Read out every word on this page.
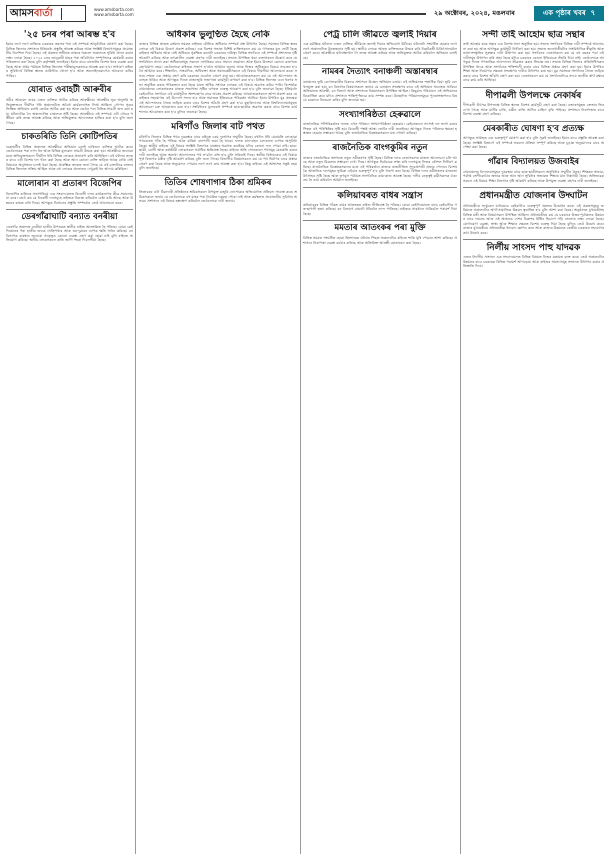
আমসবার্তা	www.amsbarta.com
www.amsbarta.com	২৯ অক্টোবৰ, ২০২৪, মঙলবাৰ	এক পৃষ্ঠাৰ খবৰ ৭
'২৫ চনৰ পৰা আৰম্ভ হ'ব

ইয়াৰ লগে লগে ৰাজ্যিক চৰকাৰৰ তৰফৰ পৰা এই সম্পৰ্কে আনুষ্ঠানিক ঘোষণা কৰা হৈছে। বিভিন্ন জিলাৰ প্ৰশাসনে ইতিমধ্যে প্ৰস্তুতি আৰম্ভ কৰিছে আৰু সংশ্লিষ্ট বিভাগসমূহক প্ৰয়োজনীয় নিৰ্দেশনা দিয়া হৈছে। এই প্ৰকল্পৰ অধীনত ৰাজ্যৰ সকলো অঞ্চলতে সুবিধা প্ৰদান কৰাৰ লক্ষ্য লোৱা হৈছে। ২০২৫ চনৰ জানুৱাৰী মাহৰ পৰা আঁচনিখন সম্পূৰ্ণভাৱে কাৰ্যকৰী কৰাৰ পৰিকল্পনা কৰা হৈছে বুলি কৰ্তৃপক্ষই জনাইছে। ইয়াৰ বাবে বাজেটত বিশেষ ধনৰ ব্যৱস্থা কৰা হৈছে আৰু প্ৰথম পৰ্যায়ত বিভিন্ন জিলাত পৰীক্ষামূলকভাৱে আৰম্ভ কৰা হ'ব। সাধাৰণ ৰাইজৰ সুবিধাৰ্থে বিভিন্ন স্থানত কাউণ্টাৰ খোলা হ'ব আৰু অনলাইনযোগেও আবেদন কৰিব পাৰিব।

যোৰাত ওবাহটী আৰুবীৰ

সমীৰ আহমেদ নামৰ এজন ব্যক্তিক আটক কৰিছে আৰক্ষীয়ে। আৰক্ষীৰ সূত্ৰ অনুসৰি অভিযুক্তজনে দীৰ্ঘদিন ধৰি অঞ্চলটোত অবৈধ কাৰ্যকলাপত লিপ্ত আছিল। গোপন সূত্ৰৰ ভিত্তিত অভিযান চলাই তেওঁক আটক কৰা হয় আৰু তেওঁৰ পৰা বিভিন্ন সামগ্ৰী জব্দ কৰা হয়। ঘটনাটোক লৈ অঞ্চলটোত চাঞ্চল্যৰ সৃষ্টি হৈছে। আৰক্ষীয়ে এই সম্পৰ্কে এটা গোচৰ পঞ্জীয়ন কৰি তদন্ত আৰম্ভ কৰিছে আৰু অভিযুক্তক আদালতত হাজিৰ কৰা হ'ব বুলি জনা গৈছে।

চাকতৰিতি তিনি কোটিপতিৰ

গুৱাহাটীৰ বিভিন্ন অঞ্চলত আৰক্ষীয়ে অভিযান চলাই চাৰিজন ব্যক্তিক আটক কৰে। তেওঁলোকৰ পৰা নগদ ধন আৰু বিভিন্ন মূল্যৱান সামগ্ৰী উদ্ধাৰ কৰা হয়। আৰক্ষীয়ে জনোৱা মতে অভিযুক্তসকলে দীৰ্ঘদিন ধৰি বিভিন্ন লোকক প্ৰতাৰণা কৰি আহিছিল। এই ঘটনাৰ তদন্তৰ বাবে এটা বিশেষ দল গঠন কৰা হৈছে আৰু আন কোনো ব্যক্তি জড়িত আছে নেকি সেই বিষয়েও অনুসন্ধান চলাই থকা হৈছে। প্ৰাৰম্ভিক তদন্তত জনা গৈছে যে এই চক্ৰটোৱে ৰাজ্যৰ বিভিন্ন জিলাত সক্ৰিয় আছিল আৰু বহু লোকক প্ৰলোভন দেখুৱাই ধন আদায় কৰিছিল।

মালোৰান বা প্ৰতাৰণ বিজেপিৰ

বিজেপিৰ ৰাজ্যিক সভাপতিয়ে এক সংবাদমেলত বিৰোধী দলৰ কাৰ্যকলাপৰ তীব্ৰ সমালোচনা কৰে। তেওঁ কয় যে বিৰোধী দলসমূহে ৰাইজক বিভ্ৰান্ত কৰিবলৈ চেষ্টা কৰি আছে আৰু উন্নয়নৰ কামত বাধা দিছে। আগন্তুক নিৰ্বাচনৰ প্ৰস্তুতি সম্পৰ্কেও তেওঁ আলোচনা কৰে।

ডেৰগাঁৱাঘাটি বন্যাত বনৰীয়া

ডেৰগাঁৱ অঞ্চলত বনৰীয়া হাতীৰ উপদ্ৰৱত স্থানীয় ৰাইজ আতংকিত হৈ পৰিছে। যোৱা কেইদিনমানৰ পৰা হাতীৰ জাকে খেতিপথাৰ আৰু ঘৰ-দুৱাৰৰ ব্যাপক ক্ষতি সাধন কৰিছে। বন বিভাগক বাৰম্বাৰ জনোৱা সত্ত্বেও কোনো ব্যৱস্থা গ্ৰহণ কৰা হোৱা নাই বুলি ৰাইজে অভিযোগ কৰিছে। স্থানীয় লোকসকলে ৰাতি জাগি পহৰা দিবলগীয়া হৈছে।

অধিকাৰ ভুলুণ্ঠিত হৈছে নেকি

ৰাজ্যৰ বিভিন্ন প্ৰান্তত বৰ্তমান সময়ত ৰাইজৰ মৌলিক অধিকাৰ সম্পৰ্কে প্ৰশ্ন উত্থাপন হৈছে। সমাজৰ বিভিন্ন স্তৰৰ লোকে এই বিষয়ে উদ্বেগ প্ৰকাশ কৰিছে। এক বিশেষ সভাত বিশিষ্ট ব্যক্তিসকলে কয় যে গণতন্ত্ৰৰ মূল ভেটি হৈছে ৰাইজৰ অধিকাৰ আৰু সেই অধিকাৰ সুৰক্ষিত কৰাটো চৰকাৰৰ দায়িত্ব। বিভিন্ন সংগঠনে এই সম্পৰ্কে প্ৰশাসনৰ দৃষ্টি আকৰ্ষণ কৰিছে আৰু তৎকালীন ব্যৱস্থা গ্ৰহণৰ দাবী জনাইছে। সভাত উপস্থিত থকা বক্তাসকলে উল্লেখ কৰে যে সংবিধানে প্ৰদান কৰা অধিকাৰসমূহ সকলো নাগৰিকৰ বাবে সমানে প্ৰযোজ্য আৰু ইয়াৰ উলংঘা কোনো কাৰণতে গ্ৰহণযোগ্য নহয়। তেওঁলোকে ৰাইজক সজাগ হ'বলৈ আহ্বান জনায় আৰু নিজৰ অধিকাৰৰ বিষয়ে সচেতন হ'বলৈ আহ্বান কৰে। শিক্ষাবিদ, সাংবাদিক, অধিবক্তা আৰু সমাজকৰ্মীসকলে এই বিষয়ে দীঘলীয়া আলোচনা কৰে। সভাৰ শেষত এক প্ৰস্তাৱ গ্ৰহণ কৰি চৰকাৰৰ ওচৰলৈ প্ৰেৰণ কৰা হয়। আয়োজকসকলে কয় যে এই আন্দোলন অব্যাহত থাকিব আৰু আগন্তুক দিনত ৰাজ্যজুৰি সজাগতা কাৰ্যসূচী ৰূপায়ণ কৰা হ'ব। বিভিন্ন জিলাত এনে ধৰণৰ সভা অনুষ্ঠিত কৰাৰ পৰিকল্পনা কৰা হৈছে যাতে অধিক সংখ্যক লোকক এই বিষয়ে অৱগত কৰিব পাৰি। বিশেষকৈ গ্ৰাম্যাঞ্চলৰ লোকসকলৰ মাজত সজাগতা সৃষ্টিৰ ওপৰত গুৰুত্ব আৰোপ কৰা হ'ব বুলি জনোৱা হৈছে। ইতিমধ্যে কেইবাটাও সংগঠনে এই কাৰ্যসূচীত অংশগ্ৰহণৰ বাবে আগ্ৰহ প্ৰকাশ কৰিছে। আয়োজকসকলে আশা প্ৰকাশ কৰে যে ৰাইজৰ সহযোগত এই উদ্যোগ সফল হ'ব আৰু সমাজত ইতিবাচক পৰিৱৰ্তন আনিব। ইয়াৰ উপৰিও যুৱ প্ৰজন্মক এই আন্দোলনৰ সৈতে জড়িত কৰাৰ বাবে বিশেষ আঁচনি গ্ৰহণ কৰা হ'ব। মহাবিদ্যালয় আৰু বিশ্ববিদ্যালয়সমূহত আলোচনা চক্ৰ আয়োজন কৰা হ'ব। সংবিধানৰ মূল্যবোধ সম্পৰ্কে ছাত্ৰ-ছাত্ৰীক অৱগত কৰাৰ বাবে বিশেষ কাৰ্যশালাৰ আয়োজন কৰা হ'ব বুলিও জনোৱা হৈছে।

মৰিগাঁও জিলাৰ বাট পথত

মৰিগাঁও জিলাৰ বিভিন্ন পথৰ দুৰৱস্থাৰ বাবে ৰাইজে চৰম দুৰ্ভোগৰ সন্মুখীন হৈছে। বহুদিন ধৰি মেৰামতি নোহোৱা পথবোৰত গাঁত হৈ পৰিছে আৰু বাৰিষা বানপানী জমা হৈ থাকে। ফলত যান-বাহন চলাচলত ব্যাপক অসুবিধা হৈছে। স্থানীয় ৰাইজে এই বিষয়ে সংশ্লিষ্ট বিভাগক বাৰম্বাৰ অৱগত কৰাইছে যদিও কোনো ফল পোৱা নাই। ছাত্ৰ-ছাত্ৰী, ৰোগী আৰু কৰ্মজীৱী লোকসকল সৰ্বাধিক ক্ষতিগ্ৰস্ত হৈছে। ৰাইজে অতি সোনকালে পথসমূহ মেৰামতি কৰাৰ দাবী জনাইছে আৰু অন্যথা আন্দোলনৰ পথ ল'বলৈ বাধ্য হ'ব বুলি সকিয়াই দিছে। স্থানীয় বিধায়কেও এই বিষয়ে পূৰ্ত বিভাগৰ মন্ত্ৰীৰ দৃষ্টি আকৰ্ষণ কৰিছে বুলি জনা গৈছে। বিভাগীয় বিষয়াসকলে কয় যে পথ নিৰ্মাণৰ বাবে প্ৰস্তাৱ প্ৰেৰণ কৰা হৈছে আৰু অনুমোদন পোৱাৰ লগে লগে কাম আৰম্ভ কৰা হ'ব। কিন্তু ৰাইজে এই আশ্বাসত সন্তুষ্ট নহয় বুলি জনাইছে।

তিতিৰ শোষণাগাৰ ঠিকা শ্ৰমিকৰ

তিতাবৰৰ এটা ঠিকাদাৰী প্ৰতিষ্ঠানৰ শ্ৰমিকসকলে উপযুক্ত মজুৰি নোপোৱাৰ অভিযোগত প্ৰতিবাদ সাব্যস্ত কৰে। শ্ৰমিকসকলে জনায় যে তেওঁলোকে বহু মাহৰ পৰা নিয়মিত দৰমহা পোৱা নাই আৰু কৰ্মস্থলত প্ৰয়োজনীয় সুবিধাৰ অভাৱ। প্ৰশাসনে এই বিষয়ে হস্তক্ষেপ কৰিবলৈ তেওঁলোকে দাবী জনায়।

পেট্ৰ চালি জীৱতে জ্বলাই দিয়াৰ

এক মৰ্মান্তিক ঘটনাত এজন ব্যক্তিক জীৱিতে জ্বলাই দিয়াৰ অভিযোগ উঠিছে। ঘটনাটো সংঘটিত হোৱাৰ লগে লগে অঞ্চলটোত উত্তেজনাৰ সৃষ্টি হয়। স্থানীয় লোকে আহত ব্যক্তিজনক উদ্ধাৰ কৰি নিকটৱৰ্তী চিকিৎসালয়লৈ প্ৰেৰণ কৰে। আৰক্ষীয়ে ঘটনাস্থললৈ গৈ তদন্ত আৰম্ভ কৰিছে আৰু অভিযুক্তক আটক কৰিবলৈ অভিযান চলাইছে।

নামৰৰ দৈত্যাৎ বনাঞ্চলী অস্তাৰম্বাৰ

বনাঞ্চলৰ ভূমি বেদখলকাৰীৰ বিৰুদ্ধে প্ৰশাসনে উচ্ছেদ অভিযান চলায়। এই অভিযানত শতাধিক বিঘা ভূমি বেদখলমুক্ত কৰা হয়। বন বিভাগৰ বিষয়াসকলে জনায় যে বনাঞ্চল সংৰক্ষণৰ বাবে এই অভিযান অব্যাহত থাকিব। অভিযানত আৰক্ষী, বন বিভাগ আৰু প্ৰশাসনৰ বিষয়াসকল উপস্থিত আছিল। কিছুমান পৰিয়ালে এই অভিযানৰ বিৰোধিতা কৰে যদিও প্ৰশাসনে শান্তিপূৰ্ণভাৱে কাম সম্পন্ন কৰে। উচ্ছেদিত পৰিয়ালসমূহক পুনৰসংস্থাপনৰ বিষয়ে চৰকাৰে বিবেচনা কৰিব বুলি জনোৱা হয়।

সংখ্যাগৰিষ্ঠতা হেৰুৱালে

ৰাজনৈতিক পটপৰিৱৰ্তনৰ ফলত এখন পৰিষদে সংখ্যাগৰিষ্ঠতা হেৰুৱায়। কেইবাজনো সদস্যই দল ত্যাগ কৰাৰ পিছত এই পৰিস্থিতিৰ সৃষ্টি হয়। বিৰোধী পক্ষই আস্থা ভোটৰ দাবী জনাইছে। আগন্তুক দিনত পৰিষদৰ ক্ষমতা হস্তান্তৰ হোৱাৰ সম্ভাৱনা আছে বুলি ৰাজনৈতিক বিশ্লেষকসকলে মত পোষণ কৰিছে।

ৰাজনৈতিক বাংগকুমিৰ নতুন

ৰাজ্যৰ ৰাজনৈতিক অংগনত নতুন সমীকৰণৰ সৃষ্টি হৈছে। বিভিন্ন দলৰ নেতাসকলৰ মাজত আলোচনা চলি আছে আৰু নতুন মিত্ৰতাৰ সম্ভাৱনা দেখা দিছে। আগন্তুক নিৰ্বাচনক লক্ষ্য কৰি দলসমূহে নিজৰ কৌশল নিৰ্ধাৰণ কৰিছে। ৰাজনৈতিক বিশ্লেষকসকলৰ মতে এই পৰিৱৰ্তনে ৰাজ্যৰ ৰাজনীতিত সুদূৰপ্ৰসাৰী প্ৰভাৱ পেলাব। বিশেষকৈ আঞ্চলিক দলসমূহৰ ভূমিকা এইবাৰ গুৰুত্বপূৰ্ণ হ'ব বুলি ধাৰণা কৰা হৈছে। বিভিন্ন দলৰ কৰ্মীসকলৰ মাজতো উৎসাহৰ সৃষ্টি হৈছে আৰু তৃণমূল পৰ্যায়ত সাংগঠনিক কাম-কাজ আৰম্ভ হৈছে। দলীয় নেতৃত্বই কৰ্মীসকলক ঐক্যবদ্ধ হৈ কাম কৰিবলৈ আহ্বান জনাইছে।

কলিয়াবৰত বাধৰ সন্ত্ৰাস

কলিয়াবৰৰ বিভিন্ন গাঁৱত বাঘৰ আতংকত ৰাইজ ভীতিগ্ৰস্ত হৈ পৰিছে। যোৱা কেইদিনমানত বাঘে কেইবাটাও গৰু-ছাগলী হত্যা কৰিছে। বন বিভাগে বাঘটো ধৰিবলৈ ফান্দ পাতিছে। ৰাইজক সাৱধানে থাকিবলৈ পৰামৰ্শ দিয়া হৈছে।

মমতাৰ আতংকৰ পৰা মুক্তি

বিভিন্ন সময়ত সংঘটিত হোৱা হিংসাত্মক ঘটনাৰ পিছত অঞ্চলটোৰ ৰাইজে শান্তি ঘূৰি পোৱাৰ আশা কৰিছে। প্ৰশাসনে নিৰাপত্তা ব্যৱস্থা কঠোৰ কৰিছে আৰু অতিৰিক্ত আৰক্ষী মোতায়েন কৰা হৈছে।

সন্দী তাই আহোম ছাত্ৰ সন্থাৰ

তাই আহোম ছাত্ৰ সন্থাৰ এক বিশেষ সভা অনুষ্ঠিত হয়। সভাত সংগঠনৰ বিভিন্ন দাবী সম্পৰ্কে আলোচনা কৰা হয় আৰু আগন্তুক কাৰ্যসূচী নিৰ্ধাৰণ কৰা হয়। সভাত জনগোষ্ঠীটোৰ সাংবিধানিক স্বীকৃতি আৰু ভাষা-সংস্কৃতিৰ সুৰক্ষাৰ দাবী উত্থাপন কৰা হয়। সংগঠনৰ নেতাসকলে কয় যে বহু বছৰৰ পৰা এই দাবীসমূহ উত্থাপন কৰি অহা হৈছে যদিও চৰকাৰে কোনো ইতিবাচক সঁহাৰি দিয়া নাই। তেওঁলোকে আগন্তুক দিনত গণতান্ত্ৰিক আন্দোলন তীব্ৰতৰ কৰাৰ সিদ্ধান্ত লয়। সভাত বিভিন্ন জিলাৰ প্ৰতিনিধিসকল উপস্থিত থাকে আৰু সংগঠনক শক্তিশালী কৰাৰ বাবে বিভিন্ন প্ৰস্তাৱ গ্ৰহণ কৰা হয়। ইয়াৰ উপৰিও শিক্ষা আৰু নিয়োগৰ ক্ষেত্ৰত সংৰক্ষণৰ দাবীও উত্থাপন কৰা হয়। যুৱ সমাজক সংগঠনৰ সৈতে জড়িত কৰাৰ বাবে বিশেষ আঁচনি গ্ৰহণ কৰা হয়। নেতাসকলে কয় যে সংগঠনটোৱে সদায় জাতীয় স্বাৰ্থ ৰক্ষাৰ বাবে কাম কৰি আহিছে।

দীপাৱলী উপলক্ষে নেকাৰ্ষৰ

দীপাৱলী উৎসৱ উপলক্ষে বিভিন্ন স্থানত বিশেষ কাৰ্যসূচী গ্ৰহণ কৰা হৈছে। বজাৰসমূহত ক্ৰেতাৰ ভিৰ দেখা গৈছে আৰু মাটিৰ চাকি, ৰঙীন বাতি আদিৰ চাহিদা বৃদ্ধি পাইছে। প্ৰশাসনে নিৰাপত্তাৰ বাবে বিশেষ ব্যৱস্থা গ্ৰহণ কৰিছে।

মেৰকাৰীত ঘোষণা হ'ব প্ৰত্যক্ষ

আগন্তুক সপ্তাহত এক গুৰুত্বপূৰ্ণ ঘোষণা কৰা হ'ব বুলি সূত্ৰই জনাইছে। ইয়াৰ বাবে প্ৰস্তুতি আৰম্ভ কৰা হৈছে। সংশ্লিষ্ট বিভাগে এই সম্পৰ্কে সকলো প্ৰক্ৰিয়া সম্পূৰ্ণ কৰিছে আৰু চূড়ান্ত অনুমোদনৰ বাবে অপেক্ষা কৰা হৈছে।

গাঁৱাৰ বিদ্যালয়ত উজবাইৰ

গ্ৰাম্যাঞ্চলৰ বিদ্যালয়সমূহৰ দুৰৱস্থাৰ বাবে ছাত্ৰ-ছাত্ৰীসকলে অসুবিধাৰ সন্মুখীন হৈছে। শিক্ষকৰ অভাৱ, পৰ্যাপ্ত শ্ৰেণীকোঠাৰ অভাৱ আৰু আন আন সুবিধাৰ অভাৱত শিক্ষাৰ মান নিম্নগামী হৈছে। অভিভাৱকসকলে এই বিষয়ে শিক্ষা বিভাগৰ দৃষ্টি আকৰ্ষণ কৰিছে আৰু উপযুক্ত ব্যৱস্থা গ্ৰহণৰ দাবী জনাইছে।

প্ৰধানমন্ত্ৰীত যোজনাৰ উদ্ঘাটন

প্ৰধানমন্ত্ৰীয়ে ভাৰ্চুৱেল মাধ্যমেৰে কেইবাটাও গুৰুত্বপূৰ্ণ প্ৰকল্পৰ উদ্বোধন কৰে। এই প্ৰকল্পসমূহৰ জৰিয়তে অঞ্চলটোৰ আৰ্থ-সামাজিক উন্নয়ন ত্বৰান্বিত হ'ব বুলি আশা কৰা হৈছে। অনুষ্ঠানত মুখ্যমন্ত্ৰীসহ বিভিন্ন মন্ত্ৰী আৰু বিষয়াসকল উপস্থিত আছিল। প্ৰধানমন্ত্ৰীয়ে কয় যে চৰকাৰে উত্তৰ-পূৰ্বাঞ্চলৰ উন্নয়নৰ বাবে দায়বদ্ধ আৰু এই অঞ্চলক দেশৰ বিকাশৰ ইঞ্জিন হিচাপে গঢ়ি তোলাৰ লক্ষ্য লোৱা হৈছে। যোগাযোগ ব্যৱস্থা, স্বাস্থ্য আৰু শিক্ষাৰ ক্ষেত্ৰত বিশেষ গুৰুত্ব দিয়া হৈছে বুলিও তেওঁ উল্লেখ কৰে। ৰাজ্যৰ মুখ্যমন্ত্ৰীয়ে প্ৰধানমন্ত্ৰীক ধন্যবাদ জ্ঞাপন কৰে আৰু ৰাজ্যৰ উন্নয়নত কেন্দ্ৰীয় চৰকাৰৰ সহযোগৰ কথা উল্লেখ কৰে।

নিৰ্লীয় সাংসদ পাহু যাদৱক

এজন নিৰ্দলীয় সাংসদে এক সংবাদমেলত বিভিন্ন বিষয়ত নিজৰ মতামত ব্যক্ত কৰে। তেওঁ অঞ্চলটোৰ উন্নয়নৰ বাবে চৰকাৰক বিভিন্ন পৰামৰ্শ আগবঢ়ায় আৰু ৰাইজৰ সমস্যাসমূহ সংসদত উত্থাপন কৰাৰ প্ৰতিশ্ৰুতি দিয়ে।
